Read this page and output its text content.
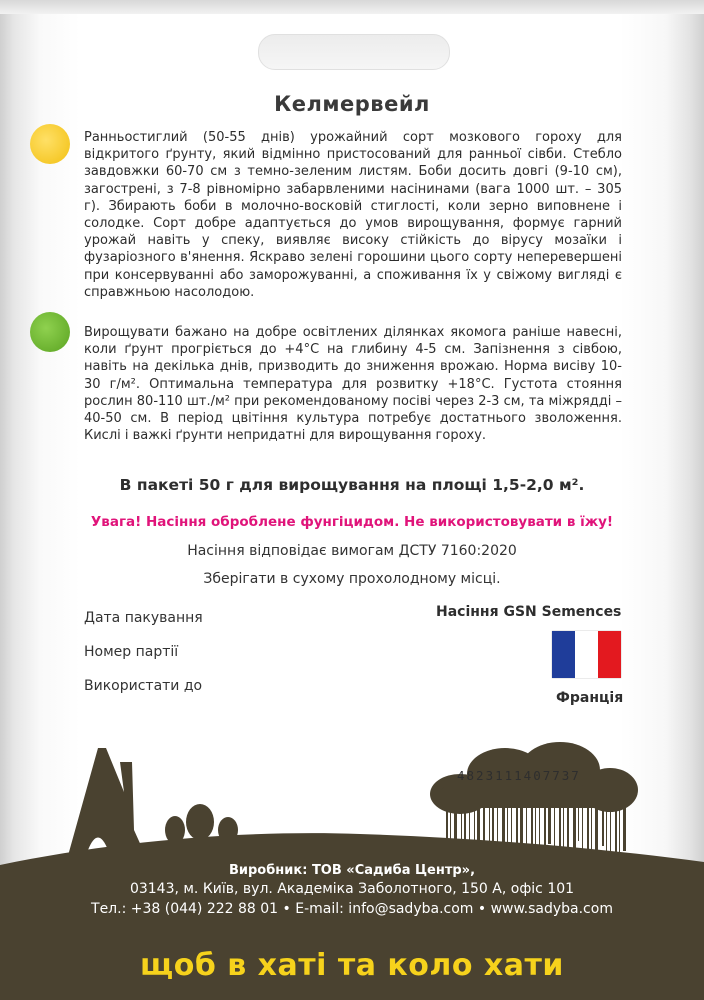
Келмервейл
Ранньостиглий (50-55 днів) урожайний сорт мозкового гороху для відкритого ґрунту, який відмінно пристосований для ранньої сівби. Стебло завдовжки 60-70 см з темно-зеленим листям. Боби досить довгі (9-10 см), загострені, з 7-8 рівномірно забарвленими насінинами (вага 1000 шт. – 305 г). Збирають боби в молочно-восковій стиглості, коли зерно виповнене і солодке. Сорт добре адаптується до умов вирощування, формує гарний урожай навіть у спеку, виявляє високу стійкість до вірусу мозаїки і фузаріозного в'янення. Яскраво зелені горошини цього сорту неперевершені при консервуванні або заморожуванні, а споживання їх у свіжому вигляді є справжньою насолодою.
Вирощувати бажано на добре освітлених ділянках якомога раніше навесні, коли ґрунт прогріється до +4°С на глибину 4-5 см. Запізнення з сівбою, навіть на декілька днів, призводить до зниження врожаю. Норма висіву 10-30 г/м². Оптимальна температура для розвитку +18°С. Густота стояння рослин 80-110 шт./м² при рекомендованому посіві через 2-3 см, та міжрядді – 40-50 см. В період цвітіння культура потребує достатнього зволоження. Кислі і важкі ґрунти непридатні для вирощування гороху.
В пакеті 50 г для вирощування на площі 1,5-2,0 м².
Увага! Насіння оброблене фунгіцидом. Не використовувати в їжу!
Насіння відповідає вимогам ДСТУ 7160:2020
Зберігати в сухому прохолодному місці.
Дата пакування
Номер партії
Використати до
Насіння GSN Semences
Франція
4823111407737
Виробник: ТОВ «Садиба Центр»,
03143, м. Київ, вул. Академіка Заболотного, 150 А, офіс 101
Тел.: +38 (044) 222 88 01 • E-mail: info@sadyba.com • www.sadyba.com
щоб в хаті та коло хати
